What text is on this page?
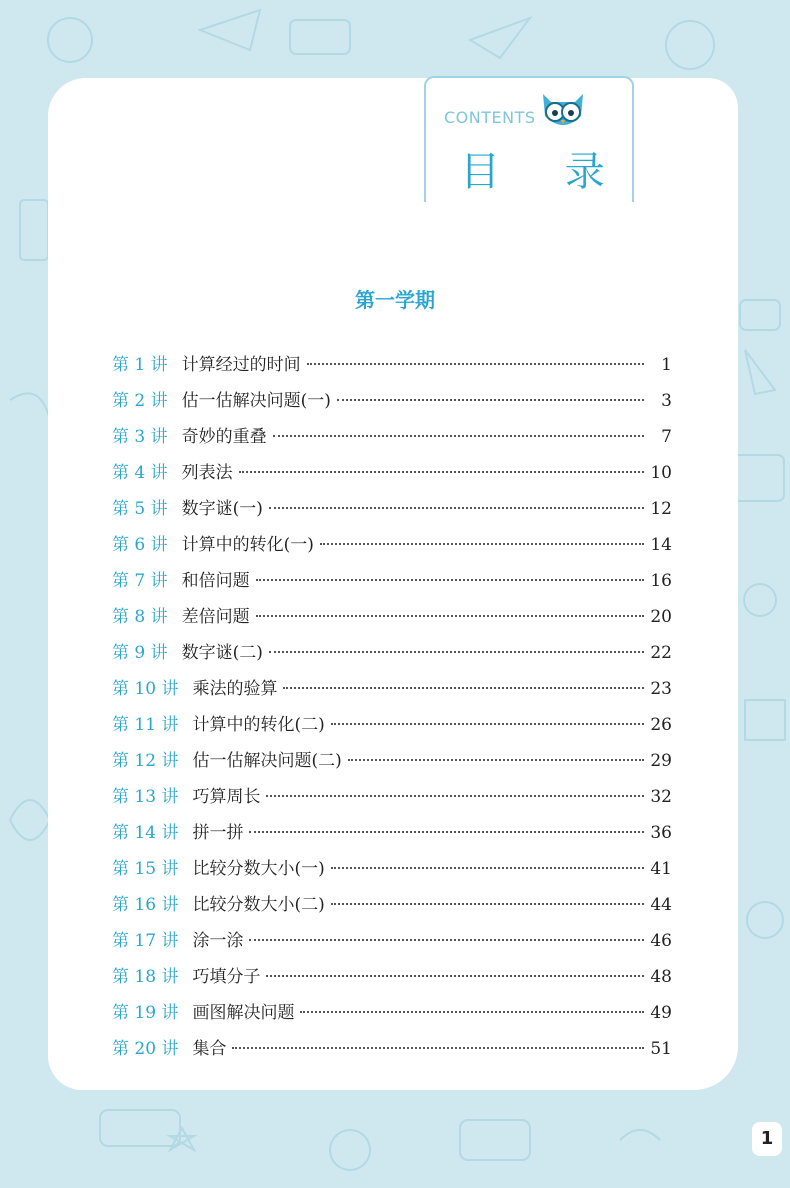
CONTENTS
目 录
第一学期
第 1 讲 计算经过的时间	1
第 2 讲 估一估解决问题(一)	3
第 3 讲 奇妙的重叠	7
第 4 讲 列表法	10
第 5 讲 数字谜(一)	12
第 6 讲 计算中的转化(一)	14
第 7 讲 和倍问题	16
第 8 讲 差倍问题	20
第 9 讲 数字谜(二)	22
第 10 讲 乘法的验算	23
第 11 讲 计算中的转化(二)	26
第 12 讲 估一估解决问题(二)	29
第 13 讲 巧算周长	32
第 14 讲 拼一拼	36
第 15 讲 比较分数大小(一)	41
第 16 讲 比较分数大小(二)	44
第 17 讲 涂一涂	46
第 18 讲 巧填分子	48
第 19 讲 画图解决问题	49
第 20 讲 集合	51
1
